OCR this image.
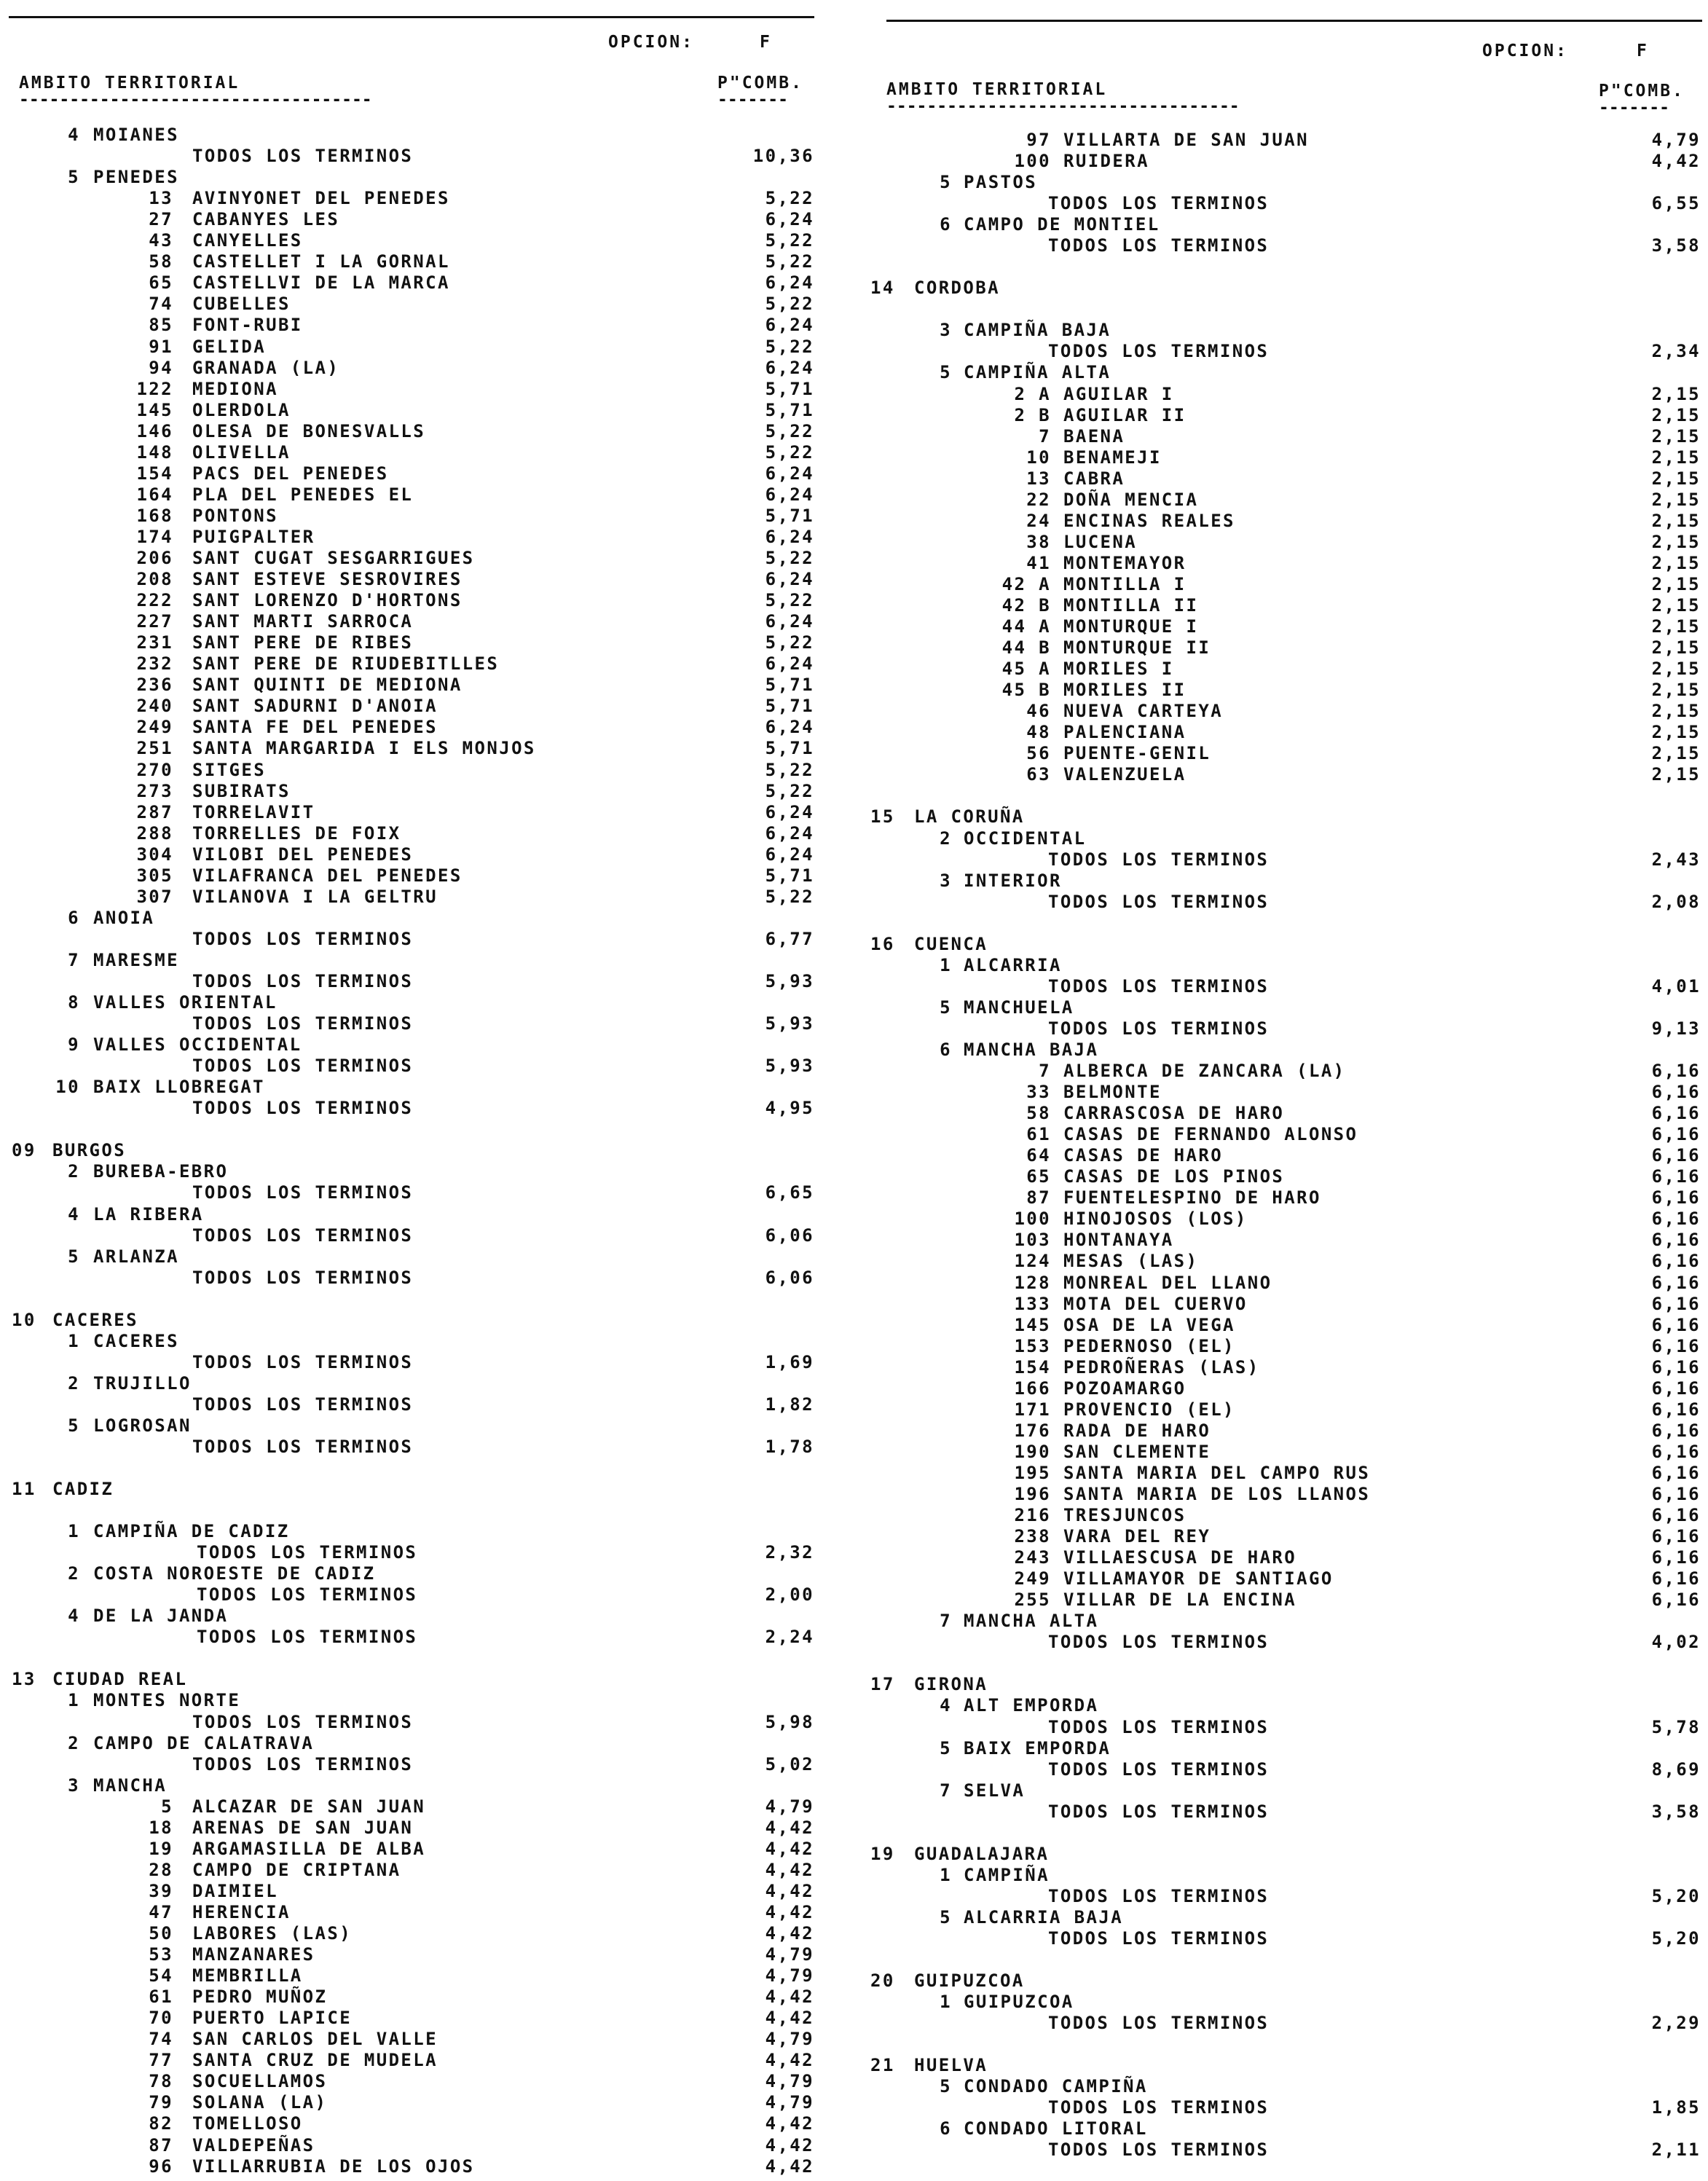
OPCION:	F
AMBITO TERRITORIAL	P"COMB.
-----------------------------------	-------
4 MOIANES
TODOS LOS TERMINOS	10,36
5 PENEDES
13 AVINYONET DEL PENEDES	5,22
27 CABANYES LES	6,24
43 CANYELLES	5,22
58 CASTELLET I LA GORNAL	5,22
65 CASTELLVI DE LA MARCA	6,24
74 CUBELLES	5,22
85 FONT-RUBI	6,24
91 GELIDA	5,22
94 GRANADA (LA)	6,24
122 MEDIONA	5,71
145 OLERDOLA	5,71
146 OLESA DE BONESVALLS	5,22
148 OLIVELLA	5,22
154 PACS DEL PENEDES	6,24
164 PLA DEL PENEDES EL	6,24
168 PONTONS	5,71
174 PUIGPALTER	6,24
206 SANT CUGAT SESGARRIGUES	5,22
208 SANT ESTEVE SESROVIRES	6,24
222 SANT LORENZO D'HORTONS	5,22
227 SANT MARTI SARROCA	6,24
231 SANT PERE DE RIBES	5,22
232 SANT PERE DE RIUDEBITLLES	6,24
236 SANT QUINTI DE MEDIONA	5,71
240 SANT SADURNI D'ANOIA	5,71
249 SANTA FE DEL PENEDES	6,24
251 SANTA MARGARIDA I ELS MONJOS	5,71
270 SITGES	5,22
273 SUBIRATS	5,22
287 TORRELAVIT	6,24
288 TORRELLES DE FOIX	6,24
304 VILOBI DEL PENEDES	6,24
305 VILAFRANCA DEL PENEDES	5,71
307 VILANOVA I LA GELTRU	5,22
6 ANOIA
TODOS LOS TERMINOS	6,77
7 MARESME
TODOS LOS TERMINOS	5,93
8 VALLES ORIENTAL
TODOS LOS TERMINOS	5,93
9 VALLES OCCIDENTAL
TODOS LOS TERMINOS	5,93
10 BAIX LLOBREGAT
TODOS LOS TERMINOS	4,95
09 BURGOS
2 BUREBA-EBRO
TODOS LOS TERMINOS	6,65
4 LA RIBERA
TODOS LOS TERMINOS	6,06
5 ARLANZA
TODOS LOS TERMINOS	6,06
10 CACERES
1 CACERES
TODOS LOS TERMINOS	1,69
2 TRUJILLO
TODOS LOS TERMINOS	1,82
5 LOGROSAN
TODOS LOS TERMINOS	1,78
11 CADIZ
1 CAMPIÑA DE CADIZ
TODOS LOS TERMINOS	2,32
2 COSTA NOROESTE DE CADIZ
TODOS LOS TERMINOS	2,00
4 DE LA JANDA
TODOS LOS TERMINOS	2,24
13 CIUDAD REAL
1 MONTES NORTE
TODOS LOS TERMINOS	5,98
2 CAMPO DE CALATRAVA
TODOS LOS TERMINOS	5,02
3 MANCHA
5 ALCAZAR DE SAN JUAN	4,79
18 ARENAS DE SAN JUAN	4,42
19 ARGAMASILLA DE ALBA	4,42
28 CAMPO DE CRIPTANA	4,42
39 DAIMIEL	4,42
47 HERENCIA	4,42
50 LABORES (LAS)	4,42
53 MANZANARES	4,79
54 MEMBRILLA	4,79
61 PEDRO MUÑOZ	4,42
70 PUERTO LAPICE	4,42
74 SAN CARLOS DEL VALLE	4,79
77 SANTA CRUZ DE MUDELA	4,42
78 SOCUELLAMOS	4,79
79 SOLANA (LA)	4,79
82 TOMELLOSO	4,42
87 VALDEPEÑAS	4,42
96 VILLARRUBIA DE LOS OJOS	4,42
OPCION:	F
AMBITO TERRITORIAL	P"COMB.
-----------------------------------	-------
97 VILLARTA DE SAN JUAN	4,79
100 RUIDERA	4,42
5 PASTOS
TODOS LOS TERMINOS	6,55
6 CAMPO DE MONTIEL
TODOS LOS TERMINOS	3,58
14 CORDOBA
3 CAMPIÑA BAJA
TODOS LOS TERMINOS	2,34
5 CAMPIÑA ALTA
2 A AGUILAR I	2,15
2 B AGUILAR II	2,15
7 BAENA	2,15
10 BENAMEJI	2,15
13 CABRA	2,15
22 DOÑA MENCIA	2,15
24 ENCINAS REALES	2,15
38 LUCENA	2,15
41 MONTEMAYOR	2,15
42 A MONTILLA I	2,15
42 B MONTILLA II	2,15
44 A MONTURQUE I	2,15
44 B MONTURQUE II	2,15
45 A MORILES I	2,15
45 B MORILES II	2,15
46 NUEVA CARTEYA	2,15
48 PALENCIANA	2,15
56 PUENTE-GENIL	2,15
63 VALENZUELA	2,15
15 LA CORUÑA
2 OCCIDENTAL
TODOS LOS TERMINOS	2,43
3 INTERIOR
TODOS LOS TERMINOS	2,08
16 CUENCA
1 ALCARRIA
TODOS LOS TERMINOS	4,01
5 MANCHUELA
TODOS LOS TERMINOS	9,13
6 MANCHA BAJA
7 ALBERCA DE ZANCARA (LA)	6,16
33 BELMONTE	6,16
58 CARRASCOSA DE HARO	6,16
61 CASAS DE FERNANDO ALONSO	6,16
64 CASAS DE HARO	6,16
65 CASAS DE LOS PINOS	6,16
87 FUENTELESPINO DE HARO	6,16
100 HINOJOSOS (LOS)	6,16
103 HONTANAYA	6,16
124 MESAS (LAS)	6,16
128 MONREAL DEL LLANO	6,16
133 MOTA DEL CUERVO	6,16
145 OSA DE LA VEGA	6,16
153 PEDERNOSO (EL)	6,16
154 PEDROÑERAS (LAS)	6,16
166 POZOAMARGO	6,16
171 PROVENCIO (EL)	6,16
176 RADA DE HARO	6,16
190 SAN CLEMENTE	6,16
195 SANTA MARIA DEL CAMPO RUS	6,16
196 SANTA MARIA DE LOS LLANOS	6,16
216 TRESJUNCOS	6,16
238 VARA DEL REY	6,16
243 VILLAESCUSA DE HARO	6,16
249 VILLAMAYOR DE SANTIAGO	6,16
255 VILLAR DE LA ENCINA	6,16
7 MANCHA ALTA
TODOS LOS TERMINOS	4,02
17 GIRONA
4 ALT EMPORDA
TODOS LOS TERMINOS	5,78
5 BAIX EMPORDA
TODOS LOS TERMINOS	8,69
7 SELVA
TODOS LOS TERMINOS	3,58
19 GUADALAJARA
1 CAMPIÑA
TODOS LOS TERMINOS	5,20
5 ALCARRIA BAJA
TODOS LOS TERMINOS	5,20
20 GUIPUZCOA
1 GUIPUZCOA
TODOS LOS TERMINOS	2,29
21 HUELVA
5 CONDADO CAMPIÑA
TODOS LOS TERMINOS	1,85
6 CONDADO LITORAL
TODOS LOS TERMINOS	2,11
